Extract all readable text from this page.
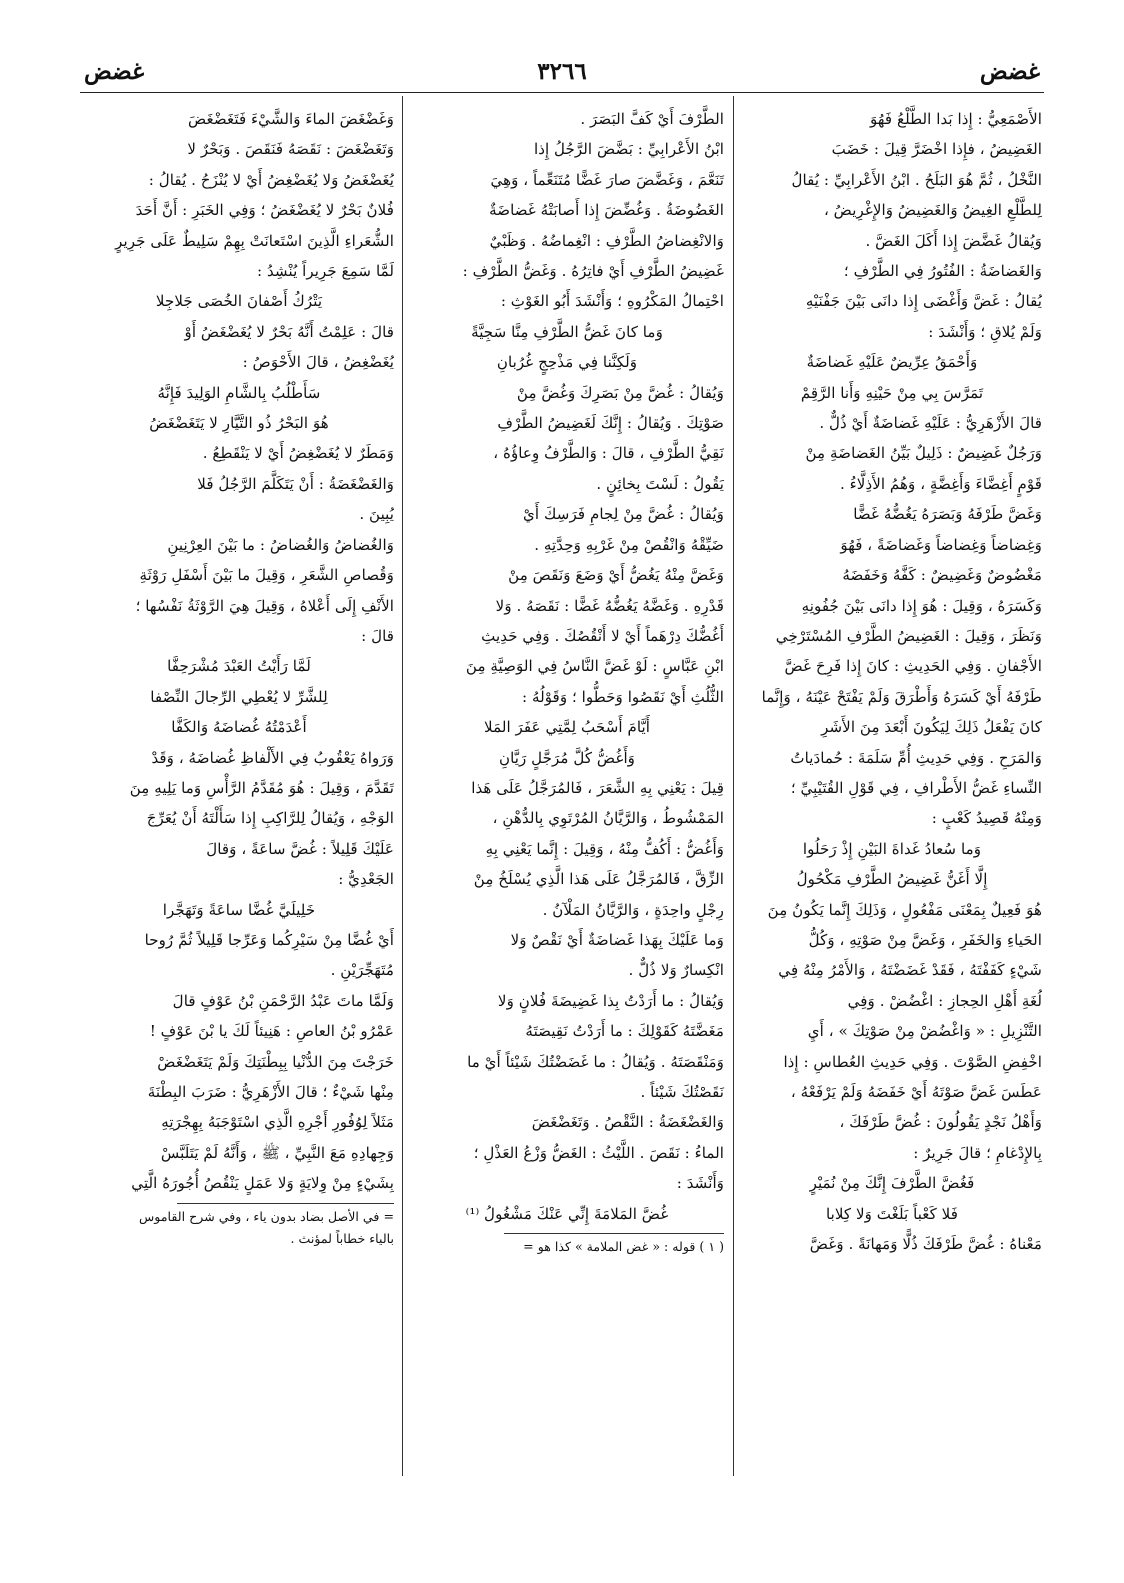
غضض
٣٢٦٦
غضض

الأَصْمَعِيُّ : إِذا بَدا الطَّلْعُ فَهُوَ

الغَضِيضُ ، فإِذا اخْضَرَّ قِيلَ : خَضَبَ

النَّخْلُ ، ثُمَّ هُوَ البَلَحُ . ابْنُ الأَعْرابِيِّ : يُقالُ

لِلطَّلْعِ الغِيضُ وَالغَضِيضُ وَالإِغْرِيضُ ،

وَيُقالُ غَضَّضَ إِذا أَكَلَ الغَضَّ .

وَالغَضاضَةُ : الفُتُورُ فِي الطَّرْفِ ؛

يُقالُ : غَضَّ وَأَغْضَى إِذا دانَى بَيْنَ جَفْنَيْهِ

وَلَمْ يُلاقِ ؛ وَأَنْشَدَ :

وَأَحْمَقُ عِرِّيضٌ عَلَيْهِ غَضاضَةٌ

تَمَرَّسَ بِي مِنْ حَيْنِهِ وَأَنا الرَّقِمْ

قالَ الأَزْهَرِيُّ : عَلَيْهِ غَضاضَةٌ أَيْ ذُلٌّ .

وَرَجُلٌ غَضِيضٌ : ذَلِيلٌ بَيِّنُ الغَضاضَةِ مِنْ

قَوْمٍ أَغِضَّاءَ وَأَغِضَّةٍ ، وَهُمُ الأَذِلَّاءُ .

وَغَضَّ طَرْفَهُ وَبَصَرَهُ يَغُضُّهُ غَضًّا

وَغِضاضاً وَغِضاضاً وَغَضاضَةً ، فَهُوَ

مَغْضُوضٌ وَغَضِيضٌ : كَفَّهُ وَخَفَضَهُ

وَكَسَرَهُ ، وَقِيلَ : هُوَ إِذا دانَى بَيْنَ جُفُونِهِ

وَنَظَرَ ، وَقِيلَ : الغَضِيضُ الطَّرْفِ المُسْتَرْخِي

الأَجْفانِ . وَفِي الحَدِيثِ : كانَ إِذا فَرِحَ غَضَّ

طَرْفَهُ أَيْ كَسَرَهُ وَأَطْرَقَ وَلَمْ يَفْتَحْ عَيْنَهُ ، وَإِنَّما

كانَ يَفْعَلُ ذَلِكَ لِيَكُونَ أَبْعَدَ مِنَ الأَشَرِ

وَالمَرَحِ . وَفِي حَدِيثِ أُمِّ سَلَمَةَ : حُمادَياتُ

النِّساءِ غَضُّ الأَطْرافِ ، فِي قَوْلِ القُتَيْبِيِّ ؛

وَمِنْهُ قَصِيدُ كَعْبٍ :

وَما سُعادُ غَداةَ البَيْنِ إِذْ رَحَلُوا

إِلَّا أَغَنُّ غَضِيضُ الطَّرْفِ مَكْحُولُ

هُوَ فَعِيلٌ بِمَعْنَى مَفْعُولٍ ، وَذَلِكَ إِنَّما يَكُونُ مِنَ

الحَياءِ وَالخَفَرِ ، وَغَضَّ مِنْ صَوْتِهِ ، وَكُلُّ

شَيْءٍ كَفَفْتَهُ ، فَقَدْ غَضَضْتَهُ ، وَالأَمْرُ مِنْهُ فِي

لُغَةِ أَهْلِ الحِجازِ : اغْضُضْ . وَفِي

التَّنْزِيلِ : « وَاغْضُضْ مِنْ صَوْتِكَ » ، أَيِ

اخْفِضِ الصَّوْتَ . وَفِي حَدِيثِ العُطاسِ : إِذا

عَطَسَ غَضَّ صَوْتَهُ أَيْ خَفَضَهُ وَلَمْ يَرْفَعْهُ ،

وَأَهْلُ نَجْدٍ يَقُولُونَ : غُضَّ طَرْفَكَ ،

بِالإِدْغامِ ؛ قالَ جَرِيرٌ :

فَغُضَّ الطَّرْفَ إِنَّكَ مِنْ نُمَيْرٍ

فَلا كَعْباً بَلَغْتَ وَلا كِلابا

مَعْناهُ : غُضَّ طَرْفَكَ ذُلًّا وَمَهانَةً . وَغَضَّ

الطَّرْفَ أَيْ كَفَّ البَصَرَ .

ابْنُ الأَعْرابِيِّ : بَضَّضَ الرَّجُلُ إِذا

تَنَعَّمَ ، وَغَضَّضَ صارَ غَضًّا مُتَنَعِّماً ، وَهِيَ

الغَضُوضَةُ . وَغُضِّضَ إِذا أَصابَتْهُ غَضاضَةٌ

وَالانْغِضاضُ الطَّرْفِ : انْغِماضُهُ . وَظَبْيٌ

غَضِيضُ الطَّرْفِ أَيْ فاتِرُهُ . وَغَضُّ الطَّرْفِ :

احْتِمالُ المَكْرُوهِ ؛ وَأَنْشَدَ أَبُو الغَوْثِ :

وَما كانَ غَضُّ الطَّرْفِ مِنَّا سَجِيَّةً

وَلَكِنَّنا فِي مَذْحِجٍ غُرُبانِ

وَيُقالُ : غُضَّ مِنْ بَصَرِكَ وَغُضَّ مِنْ

صَوْتِكَ . وَيُقالُ : إِنَّكَ لَغَضِيضُ الطَّرْفِ

نَقِيُّ الطَّرْفِ ، قالَ : وَالطَّرْفُ وِعاؤُهُ ،

يَقُولُ : لَسْتَ بِخائِنٍ .

وَيُقالُ : غُضَّ مِنْ لِجامِ فَرَسِكَ أَيْ

ضَيِّقْهُ وَانْقُصْ مِنْ غَرْبِهِ وَحِدَّتِهِ .

وَغَضَّ مِنْهُ يَغُضُّ أَيْ وَضَعَ وَنَقَصَ مِنْ

قَدْرِهِ . وَغَضَّهُ يَغُضُّهُ غَضًّا : نَقَصَهُ . وَلا

أَغُضُّكَ دِرْهَماً أَيْ لا أَنْقُصُكَ . وَفِي حَدِيثِ

ابْنِ عَبَّاسٍ : لَوْ غَضَّ النَّاسُ فِي الوَصِيَّةِ مِنَ

الثُّلُثِ أَيْ نَقَصُوا وَحَطُّوا ؛ وَقَوْلُهُ :

أَيَّامَ أَسْحَبُ لِمَّتِي عَفَرَ المَلا

وَأَغُضُّ كُلَّ مُرَجَّلٍ رَيَّانِ

قِيلَ : يَعْنِي بِهِ الشَّعَرَ ، فَالمُرَجَّلُ عَلَى هَذا

المَمْشُوطُ ، وَالرَّيَّانُ المُرْتَوِي بِالدُّهْنِ ،

وَأَغُضُّ : أَكُفُّ مِنْهُ ، وَقِيلَ : إِنَّما يَعْنِي بِهِ

الزِّقَّ ، فَالمُرَجَّلُ عَلَى هَذا الَّذِي يُسْلَخُ مِنْ

رِجْلٍ واحِدَةٍ ، وَالرَّيَّانُ المَلْآنُ .

وَما عَلَيْكَ بِهَذا غَضاضَةٌ أَيْ نَقْصٌ وَلا

انْكِسارٌ وَلا ذُلٌّ .

وَيُقالُ : ما أَرَدْتُ بِذا غَضِيضَةَ فُلانٍ وَلا

مَغَضَّتَهُ كَقَوْلِكَ : ما أَرَدْتُ نَقِيصَتَهُ

وَمَنْقَصَتَهُ . وَيُقالُ : ما غَضَضْتُكَ شَيْئاً أَيْ ما

نَقَصْتُكَ شَيْئاً .

وَالغَضْغَضَةُ : النَّقْصُ . وَتَغَضْغَضَ

الماءُ : نَقَصَ . اللَّيْثُ : الغَضُّ وَزْعُ العَذْلِ ؛

وَأَنْشَدَ :

غُضَّ المَلامَةَ إِنِّي عَنْكَ مَشْغُولُ ⁽¹⁾

( ١ ) قوله : « غض الملامة » كذا هو =

وَغَضْغَضَ الماءَ وَالشَّيْءَ فَتَغَضْغَضَ

وَتَغَضْغَضَ : نَقَصَهُ فَنَقَصَ . وَبَحْرٌ لا

يُغَضْغَضُ وَلا يُغَضْغِضُ أَيْ لا يُنْزَحُ . يُقالُ :

فُلانٌ بَحْرٌ لا يُغَضْغَضُ ؛ وَفِي الخَبَرِ : أَنَّ أَحَدَ

الشُّعَراءِ الَّذِينَ اسْتَعانَتْ بِهِمْ سَلِيطٌ عَلَى جَرِيرٍ

لَمَّا سَمِعَ جَرِيراً يُنْشِدُ :

يَتْرُكُ أَصْفانَ الخُصَى جَلاجِلا

قالَ : عَلِمْتُ أَنَّهُ بَحْرٌ لا يُغَضْغَضُ أَوْ

يُغَضْغِضُ ، قالَ الأَحْوَصُ :

سَأَطْلُبُ بِالشَّامِ الوَلِيدَ فَإِنَّهُ

هُوَ البَحْرُ ذُو التَّيَّارِ لا يَتَغَضْغَضُ

وَمَطَرٌ لا يُغَضْغِضُ أَيْ لا يَنْقَطِعُ .

وَالغَضْغَضَةُ : أَنْ يَتَكَلَّمَ الرَّجُلُ فَلا

يُبِينَ .

وَالغُضاضُ وَالغُضاضُ : ما بَيْنَ العِرْنِينِ

وَقُصاصِ الشَّعَرِ ، وَقِيلَ ما بَيْنَ أَسْفَلِ رَوْثَةِ

الأَنْفِ إِلَى أَعْلاهُ ، وَقِيلَ هِيَ الرَّوْثَةُ نَفْسُها ؛

قالَ :

لَمَّا رَأَيْتُ العَبْدَ مُشْرَحِفَّا

لِلشَّرِّ لا يُعْطِي الرِّجالَ النِّصْفا

أَعْدَمْتُهُ غُضاضَهُ وَالكَفَّا

وَرَواهُ يَعْقُوبُ فِي الأَلْفاظِ غُضاضَهُ ، وَقَدْ

تَقَدَّمَ ، وَقِيلَ : هُوَ مُقَدَّمُ الرَّأْسِ وَما يَلِيهِ مِنَ

الوَجْهِ ، وَيُقالُ لِلرَّاكِبِ إِذا سَأَلْتَهُ أَنْ يُعَرِّجَ

عَلَيْكَ قَلِيلاً : غُضَّ ساعَةً ، وَقالَ

الجَعْدِيُّ :

خَلِيلَيَّ غُضَّا ساعَةً وَتَهَجَّرا

أَيْ غُضَّا مِنْ سَيْرِكُما وَعَرِّجا قَلِيلاً ثُمَّ رُوحا

مُتَهَجِّرَيْنِ .

وَلَمَّا ماتَ عَبْدُ الرَّحْمَنِ بْنُ عَوْفٍ قالَ

عَمْرُو بْنُ العاصِ : هَنِيئاً لَكَ يا بْنَ عَوْفٍ !

خَرَجْتَ مِنَ الدُّنْيا بِبِطْنَتِكَ وَلَمْ يَتَغَضْغَضْ

مِنْها شَيْءٌ ؛ قالَ الأَزْهَرِيُّ : ضَرَبَ البِطْنَةَ

مَثَلاً لِوُفُورِ أَجْرِهِ الَّذِي اسْتَوْجَبَهُ بِهِجْرَتِهِ

وَجِهادِهِ مَعَ النَّبِيِّ ، ﷺ ، وَأَنَّهُ لَمْ يَتَلَبَّسْ

بِشَيْءٍ مِنْ وِلايَةٍ وَلا عَمَلٍ يَنْقُصُ أُجُورَهُ الَّتِي

= في الأصل بضاد بدون ياء ، وفي شرح القاموس

بالياء خطاباً لمؤنث .
